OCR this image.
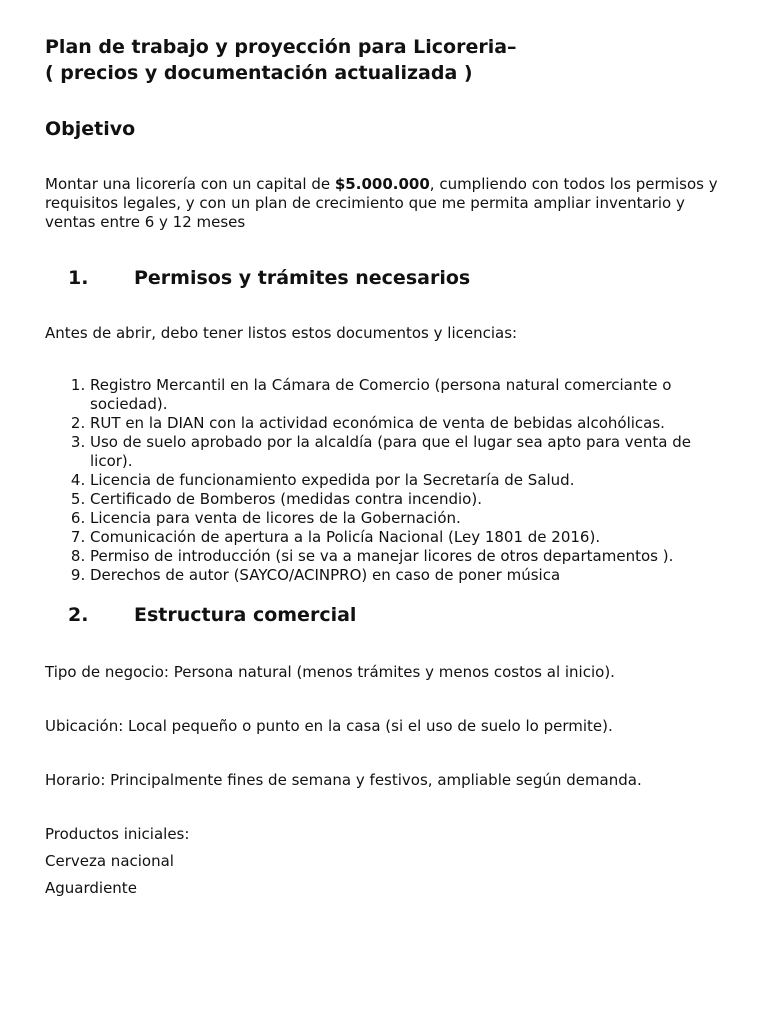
Plan de trabajo y proyección para Licoreria–
( precios y documentación actualizada )
Objetivo

Montar una licorería con un capital de $5.000.000, cumpliendo con todos los permisos y requisitos legales, y con un plan de crecimiento que me permita ampliar inventario y ventas entre 6 y 12 meses

1.	Permisos y trámites necesarios

Antes de abrir, debo tener listos estos documentos y licencias:

1. Registro Mercantil en la Cámara de Comercio (persona natural comerciante o sociedad).
2. RUT en la DIAN con la actividad económica de venta de bebidas alcohólicas.
3. Uso de suelo aprobado por la alcaldía (para que el lugar sea apto para venta de licor).
4. Licencia de funcionamiento expedida por la Secretaría de Salud.
5. Certificado de Bomberos (medidas contra incendio).
6. Licencia para venta de licores de la Gobernación.
7. Comunicación de apertura a la Policía Nacional (Ley 1801 de 2016).
8. Permiso de introducción (si se va a manejar licores de otros departamentos ).
9. Derechos de autor (SAYCO/ACINPRO) en caso de poner música
2.	Estructura comercial

Tipo de negocio: Persona natural (menos trámites y menos costos al inicio).

Ubicación: Local pequeño o punto en la casa (si el uso de suelo lo permite).

Horario: Principalmente fines de semana y festivos, ampliable según demanda.

Productos iniciales:

Cerveza nacional

Aguardiente
